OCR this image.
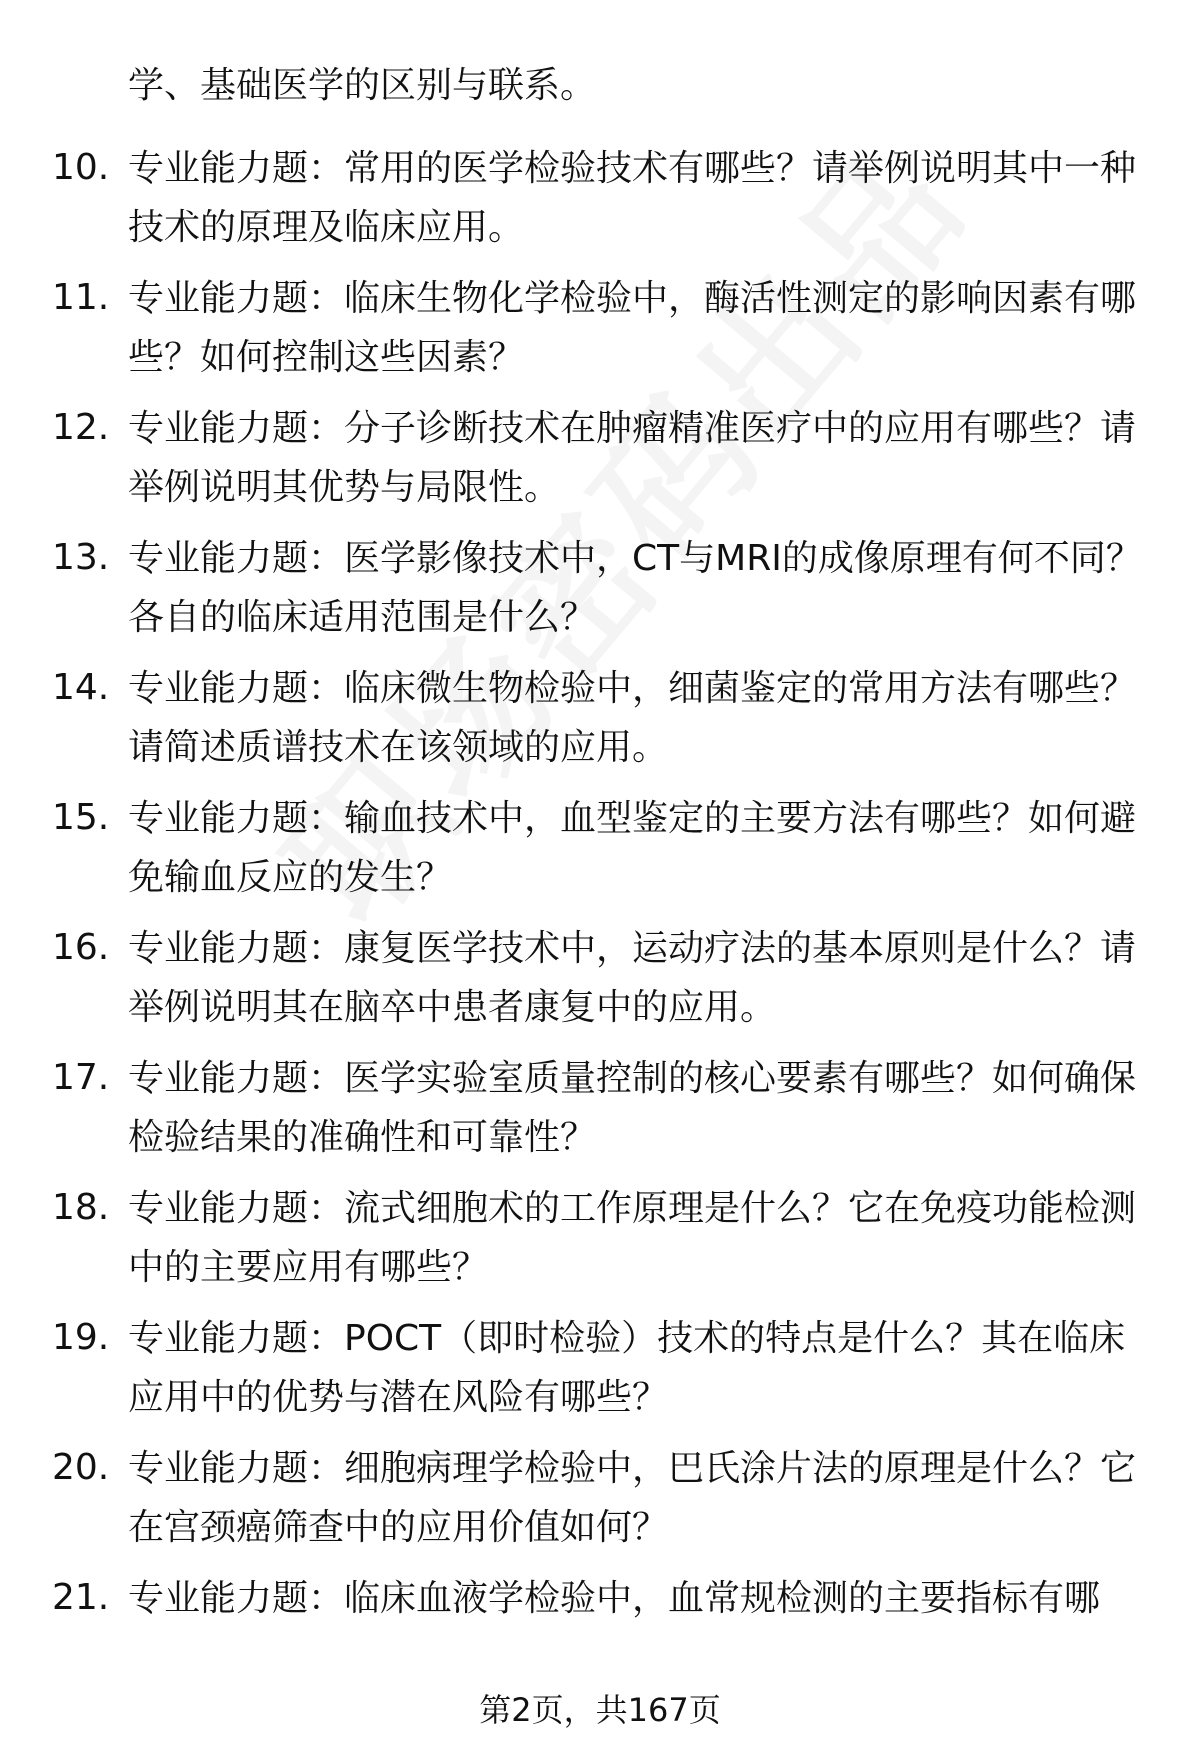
学、基础医学的区别与联系。
10. 专业能力题：常用的医学检验技术有哪些？请举例说明其中一种
技术的原理及临床应用。
11. 专业能力题：临床生物化学检验中，酶活性测定的影响因素有哪
些？如何控制这些因素？
12. 专业能力题：分子诊断技术在肿瘤精准医疗中的应用有哪些？请
举例说明其优势与局限性。
13. 专业能力题：医学影像技术中，CT与MRI的成像原理有何不同？
各自的临床适用范围是什么？
14. 专业能力题：临床微生物检验中，细菌鉴定的常用方法有哪些？
请简述质谱技术在该领域的应用。
15. 专业能力题：输血技术中，血型鉴定的主要方法有哪些？如何避
免输血反应的发生？
16. 专业能力题：康复医学技术中，运动疗法的基本原则是什么？请
举例说明其在脑卒中患者康复中的应用。
17. 专业能力题：医学实验室质量控制的核心要素有哪些？如何确保
检验结果的准确性和可靠性？
18. 专业能力题：流式细胞术的工作原理是什么？它在免疫功能检测
中的主要应用有哪些？
19. 专业能力题：POCT（即时检验）技术的特点是什么？其在临床
应用中的优势与潜在风险有哪些？
20. 专业能力题：细胞病理学检验中，巴氏涂片法的原理是什么？它
在宫颈癌筛查中的应用价值如何？
21. 专业能力题：临床血液学检验中，血常规检测的主要指标有哪
第2页，共167页
